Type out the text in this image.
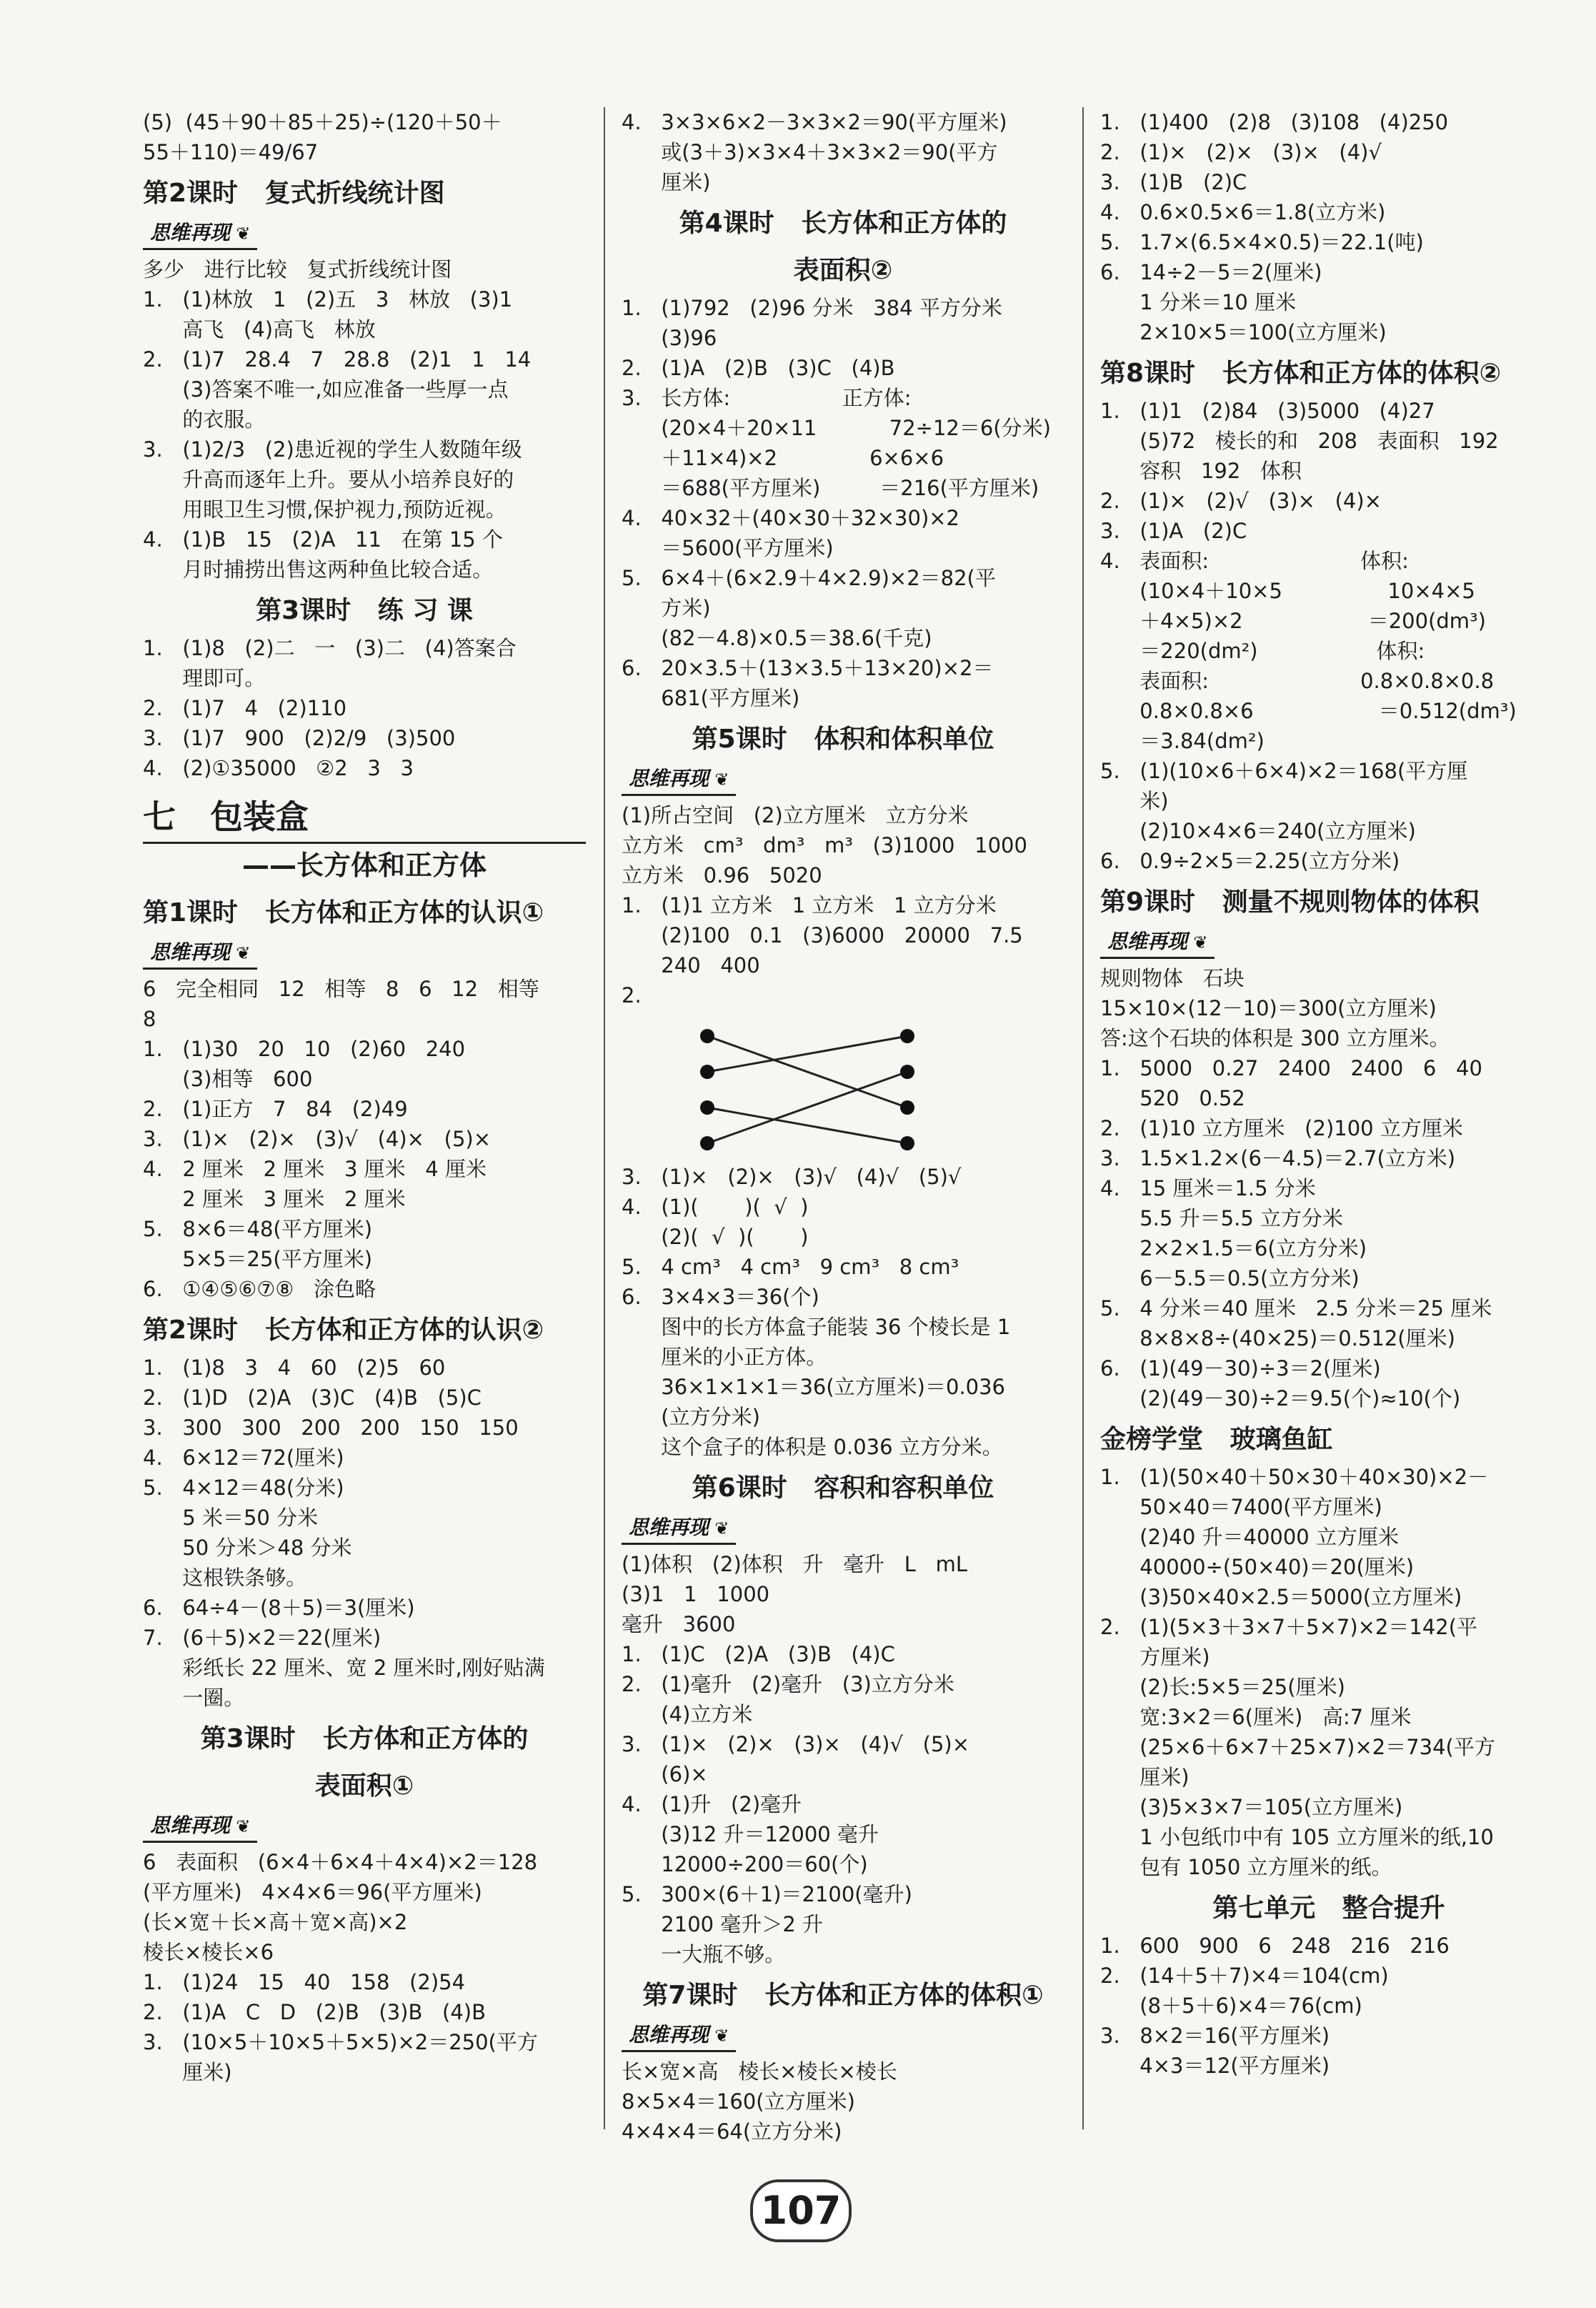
(5)  (45＋90＋85＋25)÷(120＋50＋
55＋110)＝49/67
第2课时   复式折线统计图
思维再现 ❦
多少   进行比较   复式折线统计图
1.   (1)林放   1   (2)五   3   林放   (3)1
高飞   (4)高飞   林放
2.   (1)7   28.4   7   28.8   (2)1   1   14
(3)答案不唯一,如应准备一些厚一点
的衣服。
3.   (1)2/3   (2)患近视的学生人数随年级
升高而逐年上升。要从小培养良好的
用眼卫生习惯,保护视力,预防近视。
4.   (1)B   15   (2)A   11   在第 15 个
月时捕捞出售这两种鱼比较合适。
第3课时   练 习 课
1.   (1)8   (2)二   一   (3)二   (4)答案合
理即可。
2.   (1)7   4   (2)110
3.   (1)7   900   (2)2/9   (3)500
4.   (2)①35000   ②2   3   3
七   包装盒
——长方体和正方体
第1课时   长方体和正方体的认识①
思维再现 ❦
6   完全相同   12   相等   8   6   12   相等
8
1.   (1)30   20   10   (2)60   240
(3)相等   600
2.   (1)正方   7   84   (2)49
3.   (1)×   (2)×   (3)√   (4)×   (5)×
4.   2 厘米   2 厘米   3 厘米   4 厘米
2 厘米   3 厘米   2 厘米
5.   8×6＝48(平方厘米)
5×5＝25(平方厘米)
6.   ①④⑤⑥⑦⑧   涂色略
第2课时   长方体和正方体的认识②
1.   (1)8   3   4   60   (2)5   60
2.   (1)D   (2)A   (3)C   (4)B   (5)C
3.   300   300   200   200   150   150
4.   6×12＝72(厘米)
5.   4×12＝48(分米)
5 米＝50 分米
50 分米＞48 分米
这根铁条够。
6.   64÷4－(8＋5)＝3(厘米)
7.   (6＋5)×2＝22(厘米)
彩纸长 22 厘米、宽 2 厘米时,刚好贴满
一圈。
第3课时   长方体和正方体的
表面积①
思维再现 ❦
6   表面积   (6×4＋6×4＋4×4)×2＝128
(平方厘米)   4×4×6＝96(平方厘米)
(长×宽＋长×高＋宽×高)×2
棱长×棱长×6
1.   (1)24   15   40   158   (2)54
2.   (1)A   C   D   (2)B   (3)B   (4)B
3.   (10×5＋10×5＋5×5)×2＝250(平方
厘米)
4.   3×3×6×2－3×3×2＝90(平方厘米)
或(3＋3)×3×4＋3×3×2＝90(平方
厘米)
第4课时   长方体和正方体的
表面积②
1.   (1)792   (2)96 分米   384 平方分米
(3)96
2.   (1)A   (2)B   (3)C   (4)B
3.   长方体:                 正方体:
(20×4＋20×11           72÷12＝6(分米)
＋11×4)×2              6×6×6
＝688(平方厘米)         ＝216(平方厘米)
4.   40×32＋(40×30＋32×30)×2
＝5600(平方厘米)
5.   6×4＋(6×2.9＋4×2.9)×2＝82(平
方米)
(82－4.8)×0.5＝38.6(千克)
6.   20×3.5＋(13×3.5＋13×20)×2＝
681(平方厘米)
第5课时   体积和体积单位
思维再现 ❦
(1)所占空间   (2)立方厘米   立方分米
立方米   cm³   dm³   m³   (3)1000   1000
立方米   0.96   5020
1.   (1)1 立方米   1 立方米   1 立方分米
(2)100   0.1   (3)6000   20000   7.5
240   400
2.
3.   (1)×   (2)×   (3)√   (4)√   (5)√
4.   (1)(       )(  √  )
(2)(  √  )(       )
5.   4 cm³   4 cm³   9 cm³   8 cm³
6.   3×4×3＝36(个)
图中的长方体盒子能装 36 个棱长是 1
厘米的小正方体。
36×1×1×1＝36(立方厘米)＝0.036
(立方分米)
这个盒子的体积是 0.036 立方分米。
第6课时   容积和容积单位
思维再现 ❦
(1)体积   (2)体积   升   毫升   L   mL
(3)1   1   1000
毫升   3600
1.   (1)C   (2)A   (3)B   (4)C
2.   (1)毫升   (2)毫升   (3)立方分米
(4)立方米
3.   (1)×   (2)×   (3)×   (4)√   (5)×
(6)×
4.   (1)升   (2)毫升
(3)12 升＝12000 毫升
12000÷200＝60(个)
5.   300×(6＋1)＝2100(毫升)
2100 毫升＞2 升
一大瓶不够。
第7课时   长方体和正方体的体积①
思维再现 ❦
长×宽×高   棱长×棱长×棱长
8×5×4＝160(立方厘米)
4×4×4＝64(立方分米)
1.   (1)400   (2)8   (3)108   (4)250
2.   (1)×   (2)×   (3)×   (4)√
3.   (1)B   (2)C
4.   0.6×0.5×6＝1.8(立方米)
5.   1.7×(6.5×4×0.5)＝22.1(吨)
6.   14÷2－5＝2(厘米)
1 分米＝10 厘米
2×10×5＝100(立方厘米)
第8课时   长方体和正方体的体积②
1.   (1)1   (2)84   (3)5000   (4)27
(5)72   棱长的和   208   表面积   192
容积   192   体积
2.   (1)×   (2)√   (3)×   (4)×
3.   (1)A   (2)C
4.   表面积:                       体积:
(10×4＋10×5                10×4×5
＋4×5)×2                   ＝200(dm³)
＝220(dm²)                  体积:
表面积:                       0.8×0.8×0.8
0.8×0.8×6                   ＝0.512(dm³)
＝3.84(dm²)
5.   (1)(10×6＋6×4)×2＝168(平方厘
米)
(2)10×4×6＝240(立方厘米)
6.   0.9÷2×5＝2.25(立方分米)
第9课时   测量不规则物体的体积
思维再现 ❦
规则物体   石块
15×10×(12－10)＝300(立方厘米)
答:这个石块的体积是 300 立方厘米。
1.   5000   0.27   2400   2400   6   40
520   0.52
2.   (1)10 立方厘米   (2)100 立方厘米
3.   1.5×1.2×(6－4.5)＝2.7(立方米)
4.   15 厘米＝1.5 分米
5.5 升＝5.5 立方分米
2×2×1.5＝6(立方分米)
6－5.5＝0.5(立方分米)
5.   4 分米＝40 厘米   2.5 分米＝25 厘米
8×8×8÷(40×25)＝0.512(厘米)
6.   (1)(49－30)÷3＝2(厘米)
(2)(49－30)÷2＝9.5(个)≈10(个)
金榜学堂   玻璃鱼缸
1.   (1)(50×40＋50×30＋40×30)×2－
50×40＝7400(平方厘米)
(2)40 升＝40000 立方厘米
40000÷(50×40)＝20(厘米)
(3)50×40×2.5＝5000(立方厘米)
2.   (1)(5×3＋3×7＋5×7)×2＝142(平
方厘米)
(2)长:5×5＝25(厘米)
宽:3×2＝6(厘米)   高:7 厘米
(25×6＋6×7＋25×7)×2＝734(平方
厘米)
(3)5×3×7＝105(立方厘米)
1 小包纸巾中有 105 立方厘米的纸,10
包有 1050 立方厘米的纸。
第七单元   整合提升
1.   600   900   6   248   216   216
2.   (14＋5＋7)×4＝104(cm)
(8＋5＋6)×4＝76(cm)
3.   8×2＝16(平方厘米)
4×3＝12(平方厘米)
107
